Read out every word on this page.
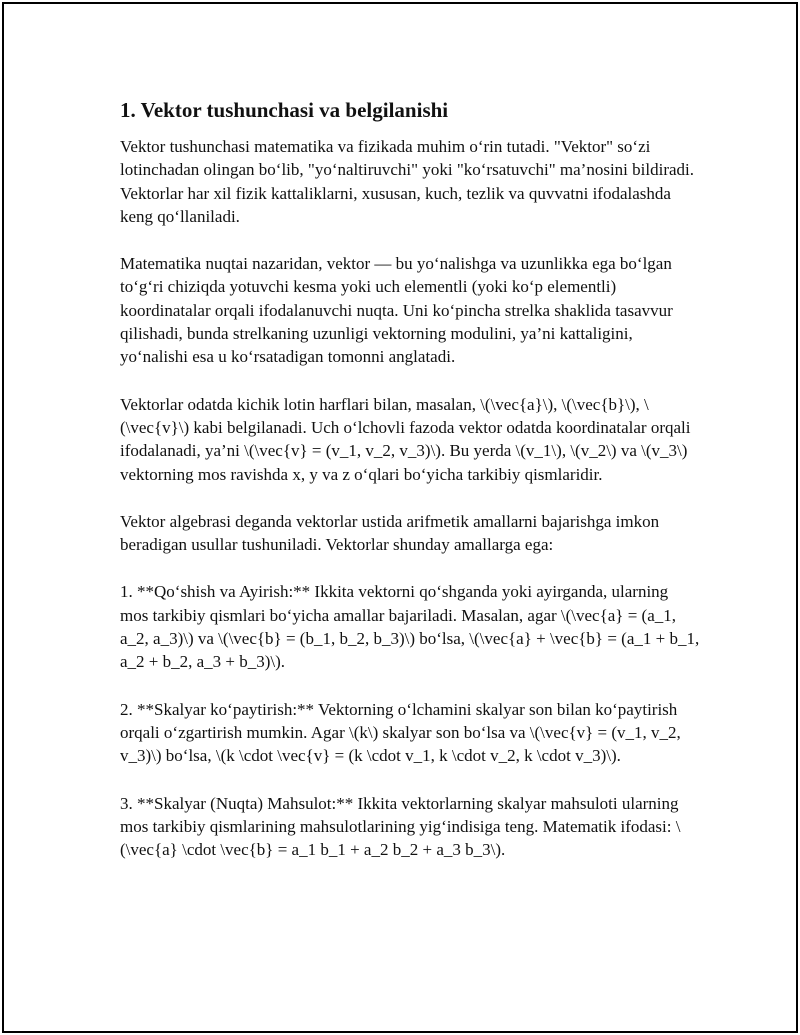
1. Vektor tushunchasi va belgilanishi

Vektor tushunchasi matematika va fizikada muhim o‘rin tutadi. "Vektor" so‘zi lotinchadan olingan bo‘lib, "yo‘naltiruvchi" yoki "ko‘rsatuvchi" ma’nosini bildiradi. Vektorlar har xil fizik kattaliklarni, xususan, kuch, tezlik va quvvatni ifodalashda keng qo‘llaniladi.

Matematika nuqtai nazaridan, vektor — bu yo‘nalishga va uzunlikka ega bo‘lgan to‘g‘ri chiziqda yotuvchi kesma yoki uch elementli (yoki ko‘p elementli) koordinatalar orqali ifodalanuvchi nuqta. Uni ko‘pincha strelka shaklida tasavvur qilishadi, bunda strelkaning uzunligi vektorning modulini, ya’ni kattaligini, yo‘nalishi esa u ko‘rsatadigan tomonni anglatadi.

Vektorlar odatda kichik lotin harflari bilan, masalan, \(\vec{a}\), \(\vec{b}\), \(\vec{v}\) kabi belgilanadi. Uch o‘lchovli fazoda vektor odatda koordinatalar orqali ifodalanadi, ya’ni \(\vec{v} = (v_1, v_2, v_3)\). Bu yerda \(v_1\), \(v_2\) va \(v_3\) vektorning mos ravishda x, y va z o‘qlari bo‘yicha tarkibiy qismlaridir.

Vektor algebrasi deganda vektorlar ustida arifmetik amallarni bajarishga imkon beradigan usullar tushuniladi. Vektorlar shunday amallarga ega:

1. **Qo‘shish va Ayirish:** Ikkita vektorni qo‘shganda yoki ayirganda, ularning mos tarkibiy qismlari bo‘yicha amallar bajariladi. Masalan, agar \(\vec{a} = (a_1, a_2, a_3)\) va \(\vec{b} = (b_1, b_2, b_3)\) bo‘lsa, \(\vec{a} + \vec{b} = (a_1 + b_1, a_2 + b_2, a_3 + b_3)\).

2. **Skalyar ko‘paytirish:** Vektorning o‘lchamini skalyar son bilan ko‘paytirish orqali o‘zgartirish mumkin. Agar \(k\) skalyar son bo‘lsa va \(\vec{v} = (v_1, v_2, v_3)\) bo‘lsa, \(k \cdot \vec{v} = (k \cdot v_1, k \cdot v_2, k \cdot v_3)\).

3. **Skalyar (Nuqta) Mahsulot:** Ikkita vektorlarning skalyar mahsuloti ularning mos tarkibiy qismlarining mahsulotlarining yig‘indisiga teng. Matematik ifodasi: \(\vec{a} \cdot \vec{b} = a_1 b_1 + a_2 b_2 + a_3 b_3\).
